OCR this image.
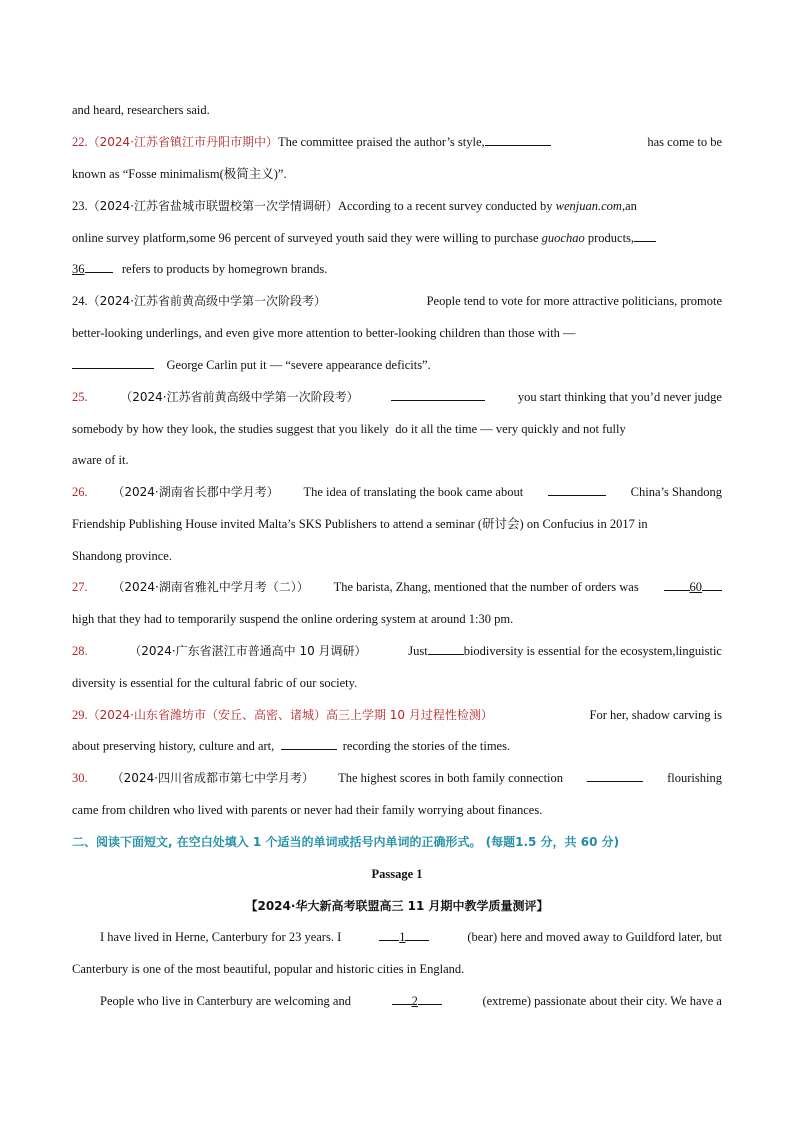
and heard, researchers said.
22.（2024·江苏省镇江市丹阳市期中）The committee praised the author’s style,	has come to be
known as “Fosse minimalism(极简主义)”.
23. （2024·江苏省盐城市联盟校第一次学情调研） According to a recent survey conducted by
wenjuan.com ,an
online survey platform,some 96 percent of surveyed youth said they were willing to purchase
guochao
products,
36
	refers to products by homegrown brands.
24.（2024·江苏省前黄高级中学第一次阶段考）	People tend to vote for more attractive politicians, promote
better-looking underlings, and even give more attention to better-looking children than those with —

George Carlin put it — “severe appearance deficits”.
25.	（2024·江苏省前黄高级中学第一次阶段考）	you start thinking that you’d never judge
somebody by how they look, the studies suggest that you likely  do it all the time — very quickly and not fully
aware of it.
26. （2024·湖南省长郡中学月考） The idea of translating the book came about	China’s Shandong
Friendship Publishing House invited Malta’s SKS Publishers to attend a seminar (研讨会) on Confucius in 2017 in
Shandong province.
27. （2024·湖南省雅礼中学月考（二）） The barista, Zhang, mentioned that the number of orders was	60
high that they had to temporarily suspend the online ordering system at around 1:30 pm.
28.	（2024·广东省湛江市普通高中 10 月调研）	Just	biodiversity is essential for the ecosystem,linguistic
diversity is essential for the cultural fabric of our society.
29.（2024·山东省潍坊市（安丘、高密、诸城）高三上学期 10 月过程性检测）	For her, shadow carving is
about preserving history, culture and art,

	recording the stories of the times.
30. （2024·四川省成都市第七中学月考） The highest scores in both family connection	flourishing
came from children who lived with parents or never had their family worrying about finances.
二、阅读下面短文, 在空白处填入 1 个适当的单词或括号内单词的正确形式。 (每题1.5 分，共 60 分)
Passage 1
【2024·华大新高考联盟高三 11 月期中教学质量测评】
I have lived in Herne, Canterbury for 23 years. I	1	(bear) here and moved away to Guildford later, but
Canterbury is one of the most beautiful, popular and historic cities in England.
People who live in Canterbury are welcoming and	2	(extreme) passionate about their city. We have a
